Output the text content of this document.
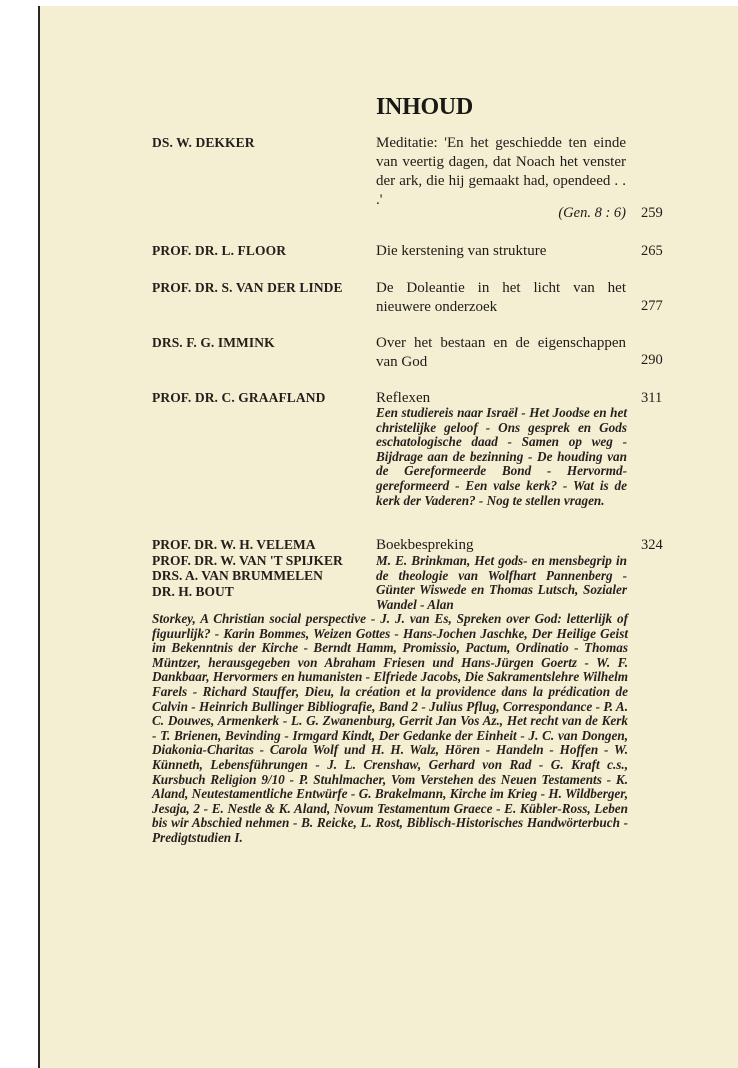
INHOUD
DS. W. DEKKER	Meditatie: 'En het geschiedde ten einde van veertig dagen, dat Noach het venster der ark, die hij gemaakt had, opendeed . . .'
(Gen. 8 : 6) 259
PROF. DR. L. FLOOR	Die kerstening van strukture	265
PROF. DR. S. VAN DER LINDE De Doleantie in het licht van het nieuwere onderzoek	277
DRS. F. G. IMMINK	Over het bestaan en de eigenschappen van God	290
PROF. DR. C. GRAAFLAND	Reflexen	311
Een studiereis naar Israël - Het Joodse en het christelijke geloof - Ons gesprek en Gods eschatologische daad - Samen op weg - Bijdrage aan de bezinning - De houding van de Gereformeerde Bond - Hervormd-gereformeerd - Een valse kerk? - Wat is de kerk der Vaderen? - Nog te stellen vragen.
PROF. DR. W. H. VELEMA
PROF. DR. W. VAN 'T SPIJKER
DRS. A. VAN BRUMMELEN
DR. H. BOUT
Boekbespreking	324
M. E. Brinkman, Het gods- en mensbegrip in de theologie van Wolfhart Pannenberg - Günter Wiswede en Thomas Lutsch, Sozialer Wandel - Alan
Storkey, A Christian social perspective - J. J. van Es, Spreken over God: letterlijk of figuurlijk? - Karin Bommes, Weizen Gottes - Hans-Jochen Jaschke, Der Heilige Geist im Bekenntnis der Kirche - Berndt Hamm, Promissio, Pactum, Ordinatio - Thomas Müntzer, herausgegeben von Abraham Friesen und Hans-Jürgen Goertz - W. F. Dankbaar, Hervormers en humanisten - Elfriede Jacobs, Die Sakramentslehre Wilhelm Farels - Richard Stauffer, Dieu, la création et la providence dans la prédication de Calvin - Heinrich Bullinger Bibliografie, Band 2 - Julius Pflug, Correspondance - P. A. C. Douwes, Armenkerk - L. G. Zwanenburg, Gerrit Jan Vos Az., Het recht van de Kerk - T. Brienen, Bevinding - Irmgard Kindt, Der Gedanke der Einheit - J. C. van Dongen, Diakonia-Charitas - Carola Wolf und H. H. Walz, Hören - Handeln - Hoffen - W. Künneth, Lebensführungen - J. L. Crenshaw, Gerhard von Rad - G. Kraft c.s., Kursbuch Religion 9/10 - P. Stuhlmacher, Vom Verstehen des Neuen Testaments - K. Aland, Neutestamentliche Entwürfe - G. Brakelmann, Kirche im Krieg - H. Wildberger, Jesaja, 2 - E. Nestle & K. Aland, Novum Testamentum Graece - E. Kübler-Ross, Leben bis wir Abschied nehmen - B. Reicke, L. Rost, Biblisch-Historisches Handwörterbuch - Predigtstudien I.
